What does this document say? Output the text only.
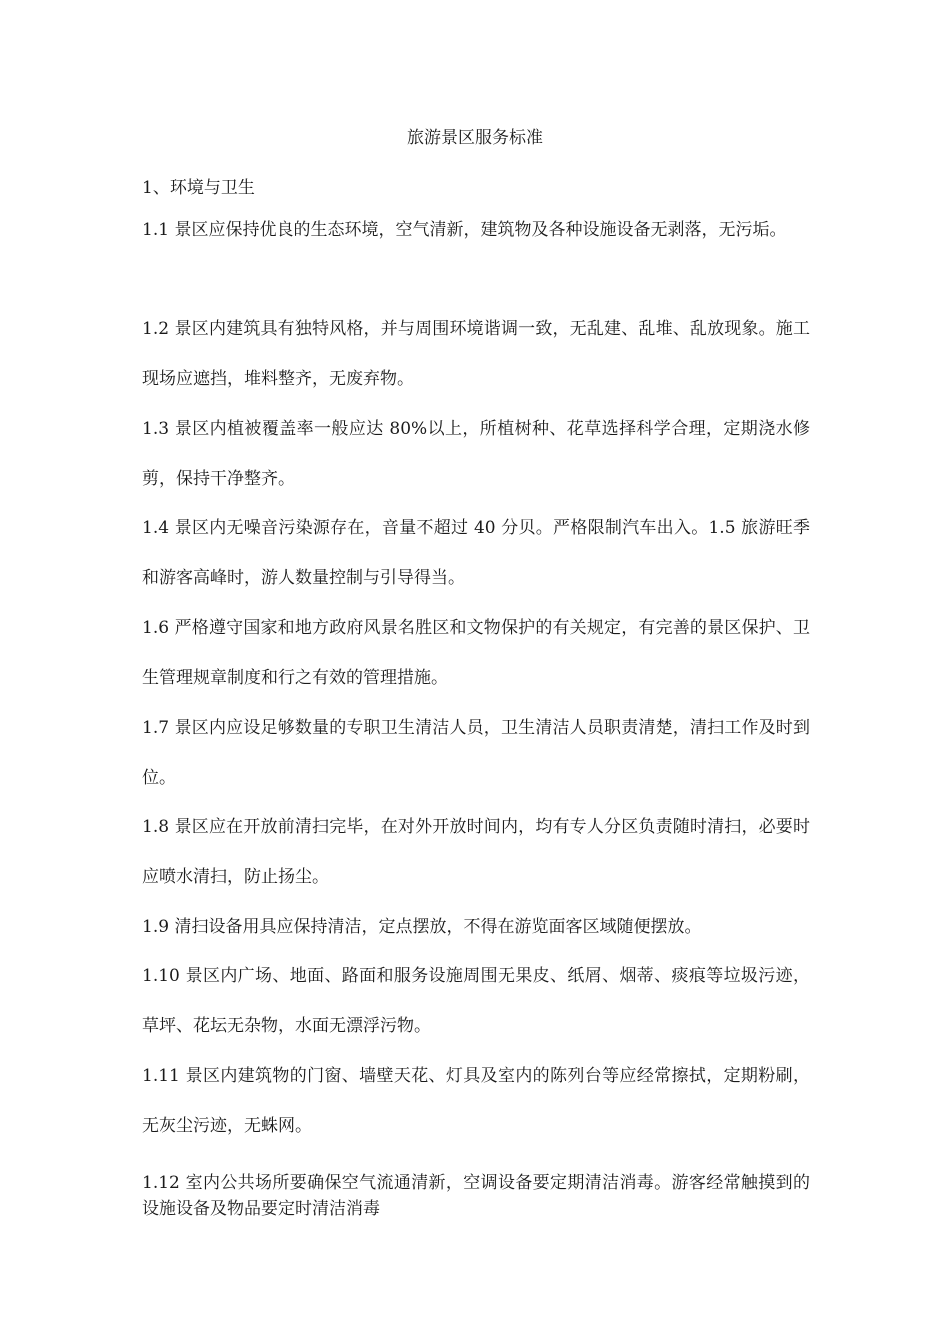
旅游景区服务标准
1、环境与卫生

1.1 景区应保持优良的生态环境，空气清新，建筑物及各种设施设备无剥落，无污垢。

1.2 景区内建筑具有独特风格，并与周围环境谐调一致，无乱建、乱堆、乱放现象。施工现场应遮挡，堆料整齐，无废弃物。

1.3 景区内植被覆盖率一般应达 80%以上，所植树种、花草选择科学合理，定期浇水修剪，保持干净整齐。

1.4 景区内无噪音污染源存在，音量不超过 40 分贝。严格限制汽车出入。1.5 旅游旺季和游客高峰时，游人数量控制与引导得当。

1.6 严格遵守国家和地方政府风景名胜区和文物保护的有关规定，有完善的景区保护、卫生管理规章制度和行之有效的管理措施。

1.7 景区内应设足够数量的专职卫生清洁人员，卫生清洁人员职责清楚，清扫工作及时到位。

1.8 景区应在开放前清扫完毕，在对外开放时间内，均有专人分区负责随时清扫，必要时应喷水清扫，防止扬尘。

1.9 清扫设备用具应保持清洁，定点摆放，不得在游览面客区域随便摆放。

1.10 景区内广场、地面、路面和服务设施周围无果皮、纸屑、烟蒂、痰痕等垃圾污迹，草坪、花坛无杂物，水面无漂浮污物。

1.11 景区内建筑物的门窗、墙壁天花、灯具及室内的陈列台等应经常擦拭，定期粉刷，无灰尘污迹，无蛛网。

1.12 室内公共场所要确保空气流通清新，空调设备要定期清洁消毒。游客经常触摸到的设施设备及物品要定时清洁消毒
